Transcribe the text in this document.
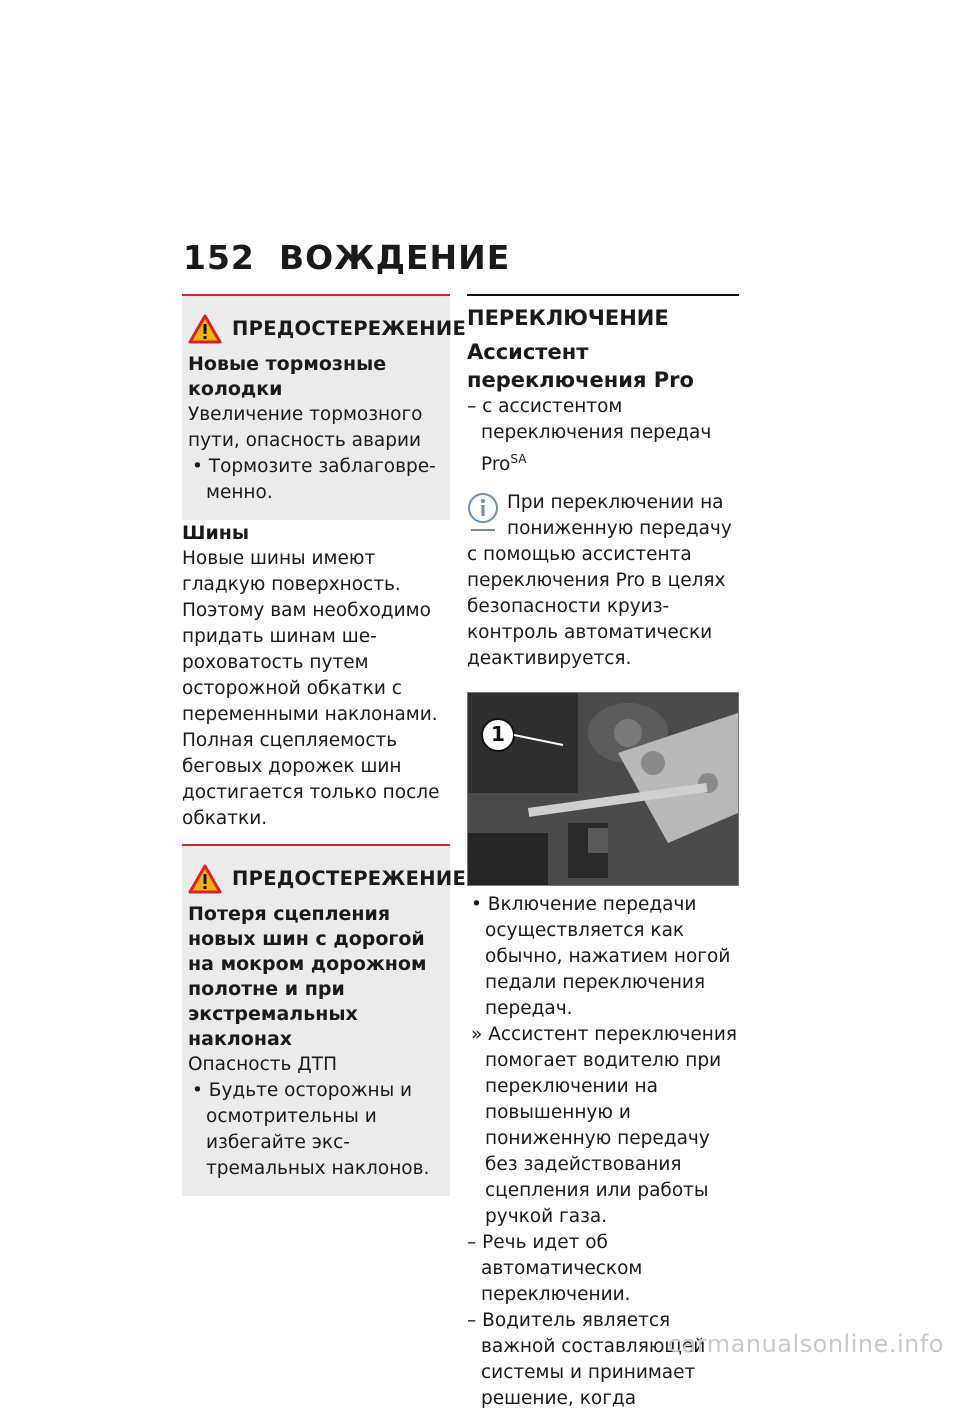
152 ВОЖДЕНИЕ
ПРЕДОСТЕРЕЖЕНИЕ

Новые тормозные колодки

Увеличение тормозного пути, опасность аварии

• Тормозите заблаговременно.

Шины

Новые шины имеют гладкую поверхность. Поэтому вам необходимо придать шинам шероховатость путем осторожной обкатки с переменными наклонами. Полная сцепляемость беговых дорожек шин достигается только после обкатки.

ПРЕДОСТЕРЕЖЕНИЕ

Потеря сцепления новых шин с дорогой на мокром дорожном полотне и при экстремальных наклонах

Опасность ДТП

• Будьте осторожны и осмотрительны и избегайте экстремальных наклонов.

ПЕРЕКЛЮЧЕНИЕ

Ассистент переключения Pro

– с ассистентом переключения передач Pro$^{SA}$

При переключении на пониженную передачу с помощью ассистента переключения Pro в целях безопасности круиз-контроль автоматически деактивируется.

1

• Включение передачи осуществляется как обычно, нажатием ногой педали переключения передач.

» Ассистент переключения помогает водителю при переключении на повышенную и пониженную передачу без задействования сцепления или работы ручкой газа.

– Речь идет об автоматическом переключении.

– Водитель является важной составляющей системы и принимает решение, когда

carmanualsonline.info
